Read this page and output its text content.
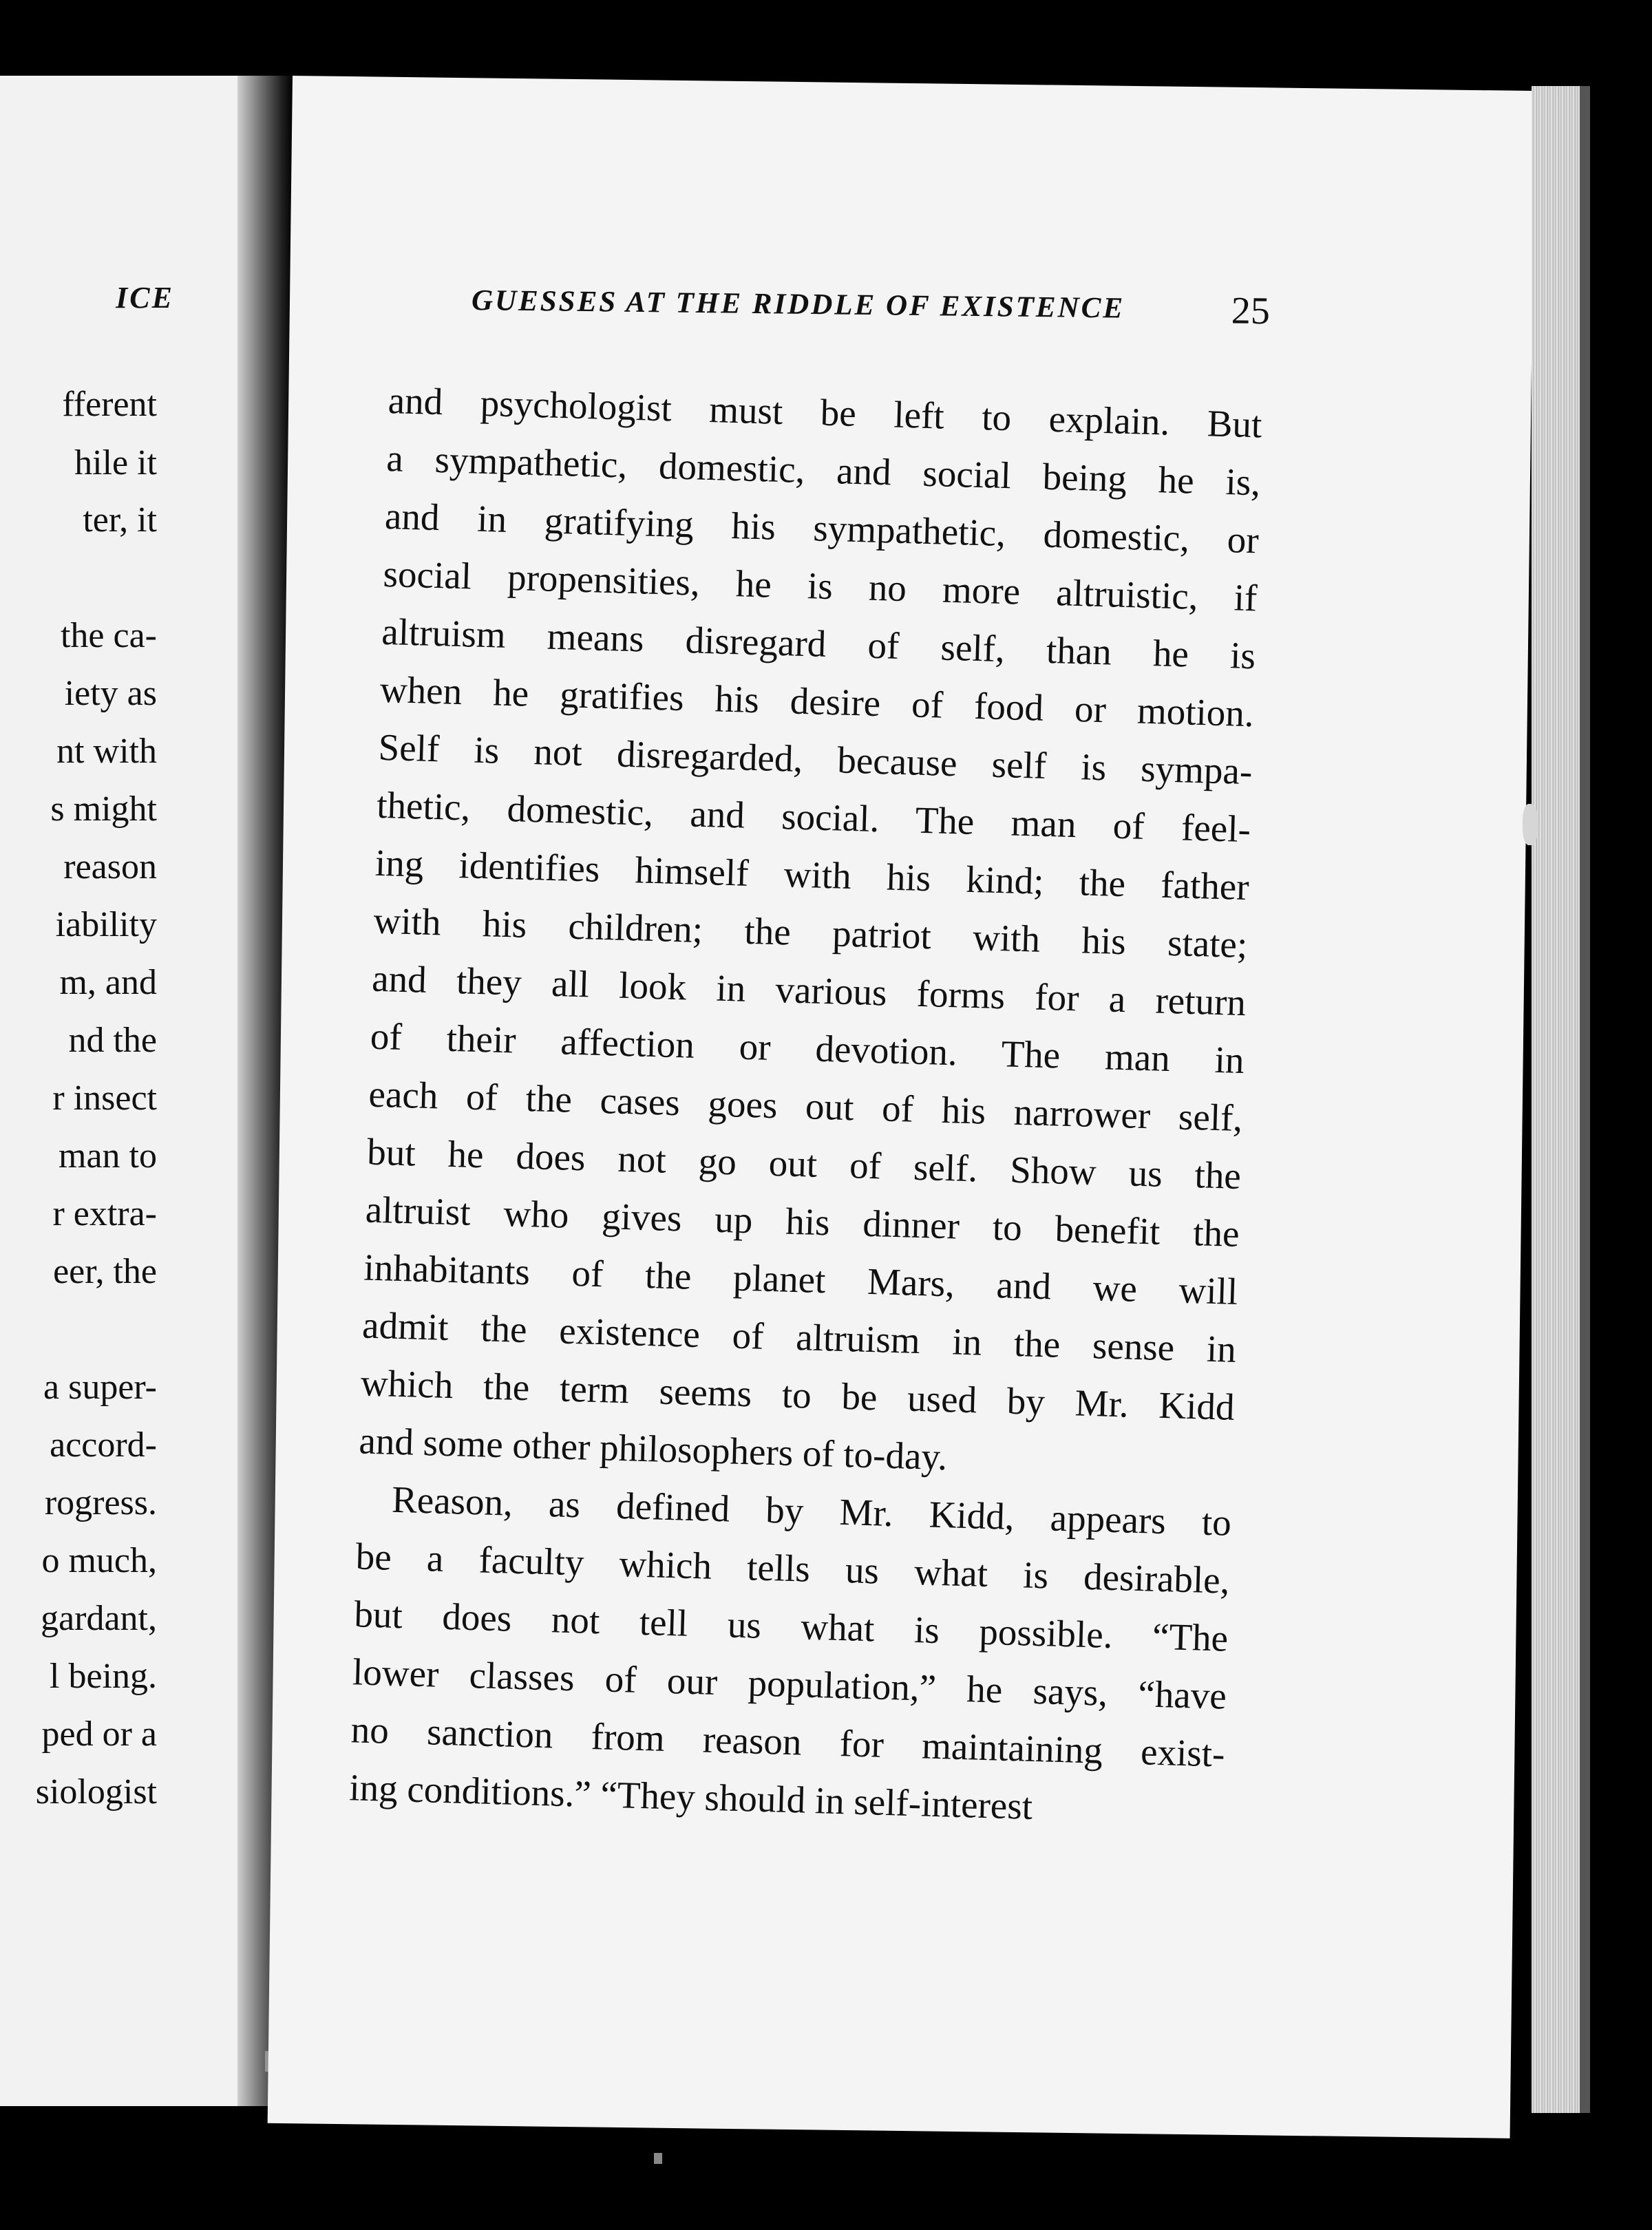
ICE
fferent
hile it
ter, it
the ca-
iety as
nt with
s might
reason
iability
m, and
nd the
r insect
man to
r extra-
eer, the
a super-
accord-
rogress.
o much,
gardant,
l being.
ped or a
siologist
GUESSES AT THE RIDDLE OF EXISTENCE	25
and psychologist must be left to explain. But
a sympathetic, domestic, and social being he is,
and in gratifying his sympathetic, domestic, or
social propensities, he is no more altruistic, if
altruism means disregard of self, than he is
when he gratifies his desire of food or motion.
Self is not disregarded, because self is sympa-
thetic, domestic, and social. The man of feel-
ing identifies himself with his kind; the father
with his children; the patriot with his state;
and they all look in various forms for a return
of their affection or devotion. The man in
each of the cases goes out of his narrower self,
but he does not go out of self. Show us the
altruist who gives up his dinner to benefit the
inhabitants of the planet Mars, and we will
admit the existence of altruism in the sense in
which the term seems to be used by Mr. Kidd
and some other philosophers of to-day.
Reason, as defined by Mr. Kidd, appears to
be a faculty which tells us what is desirable,
but does not tell us what is possible. “The
lower classes of our population,” he says, “have
no sanction from reason for maintaining exist-
ing conditions.” “They should in self-interest
